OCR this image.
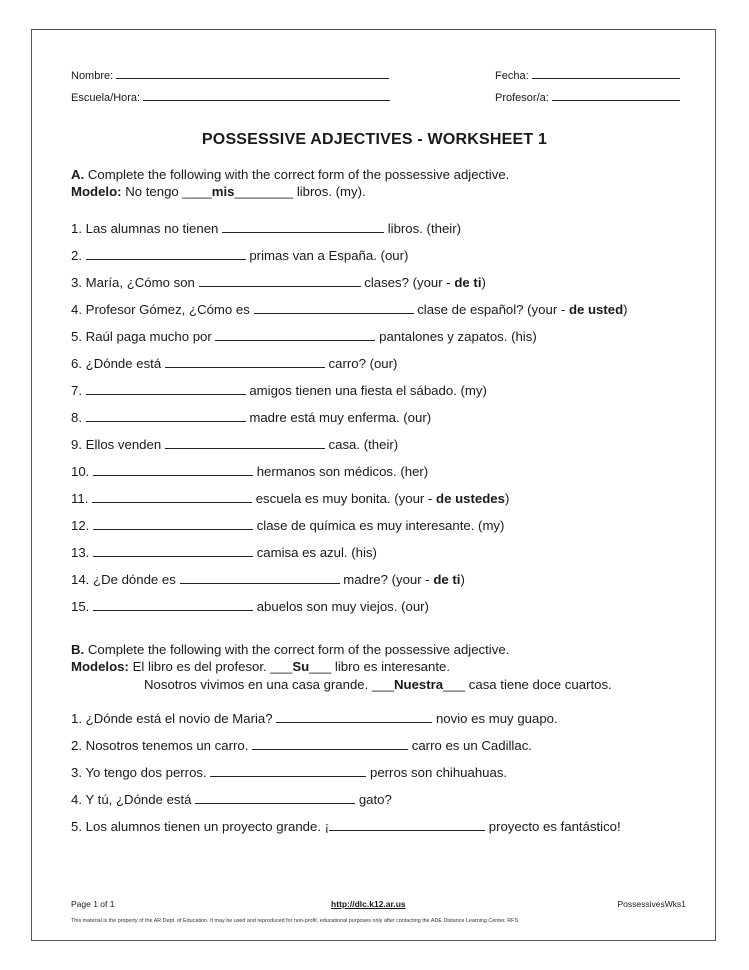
Nombre:	Fecha:
Escuela/Hora:	Profesor/a:
POSSESSIVE ADJECTIVES - WORKSHEET 1
A. Complete the following with the correct form of the possessive adjective.
Modelo: No tengo ____mis________ libros. (my).
1. Las alumnas no tienen	libros. (their)
2.	primas van a España. (our)
3. María, ¿Cómo son	clases? (your - de ti)
4. Profesor Gómez, ¿Cómo es	clase de español? (your - de usted)
5. Raúl paga mucho por	pantalones y zapatos. (his)
6. ¿Dónde está	carro? (our)
7.	amigos tienen una fiesta el sábado. (my)
8.	madre está muy enferma. (our)
9. Ellos venden	casa. (their)
10.	hermanos son médicos. (her)
11.	escuela es muy bonita. (your - de ustedes)
12.	clase de química es muy interesante. (my)
13.	camisa es azul. (his)
14. ¿De dónde es	madre? (your - de ti)
15.	abuelos son muy viejos. (our)
B. Complete the following with the correct form of the possessive adjective.
Modelos: El libro es del profesor. ___Su___ libro es interesante.
Nosotros vivimos en una casa grande. ___Nuestra___ casa tiene doce cuartos.
1. ¿Dónde está el novio de Maria?	novio es muy guapo.
2. Nosotros tenemos un carro.	carro es un Cadillac.
3. Yo tengo dos perros.	perros son chihuahuas.
4. Y tú, ¿Dónde está	gato?
5. Los alumnos tienen un proyecto grande. ¡	proyecto es fantástico!
Page 1 of 1	http://dlc.k12.ar.us	PossessivesWks1
This material is the property of the AR Dept. of Education. It may be used and reproduced for non-profit, educational purposes only after contacting the ADE Distance Learning Center. RFS
